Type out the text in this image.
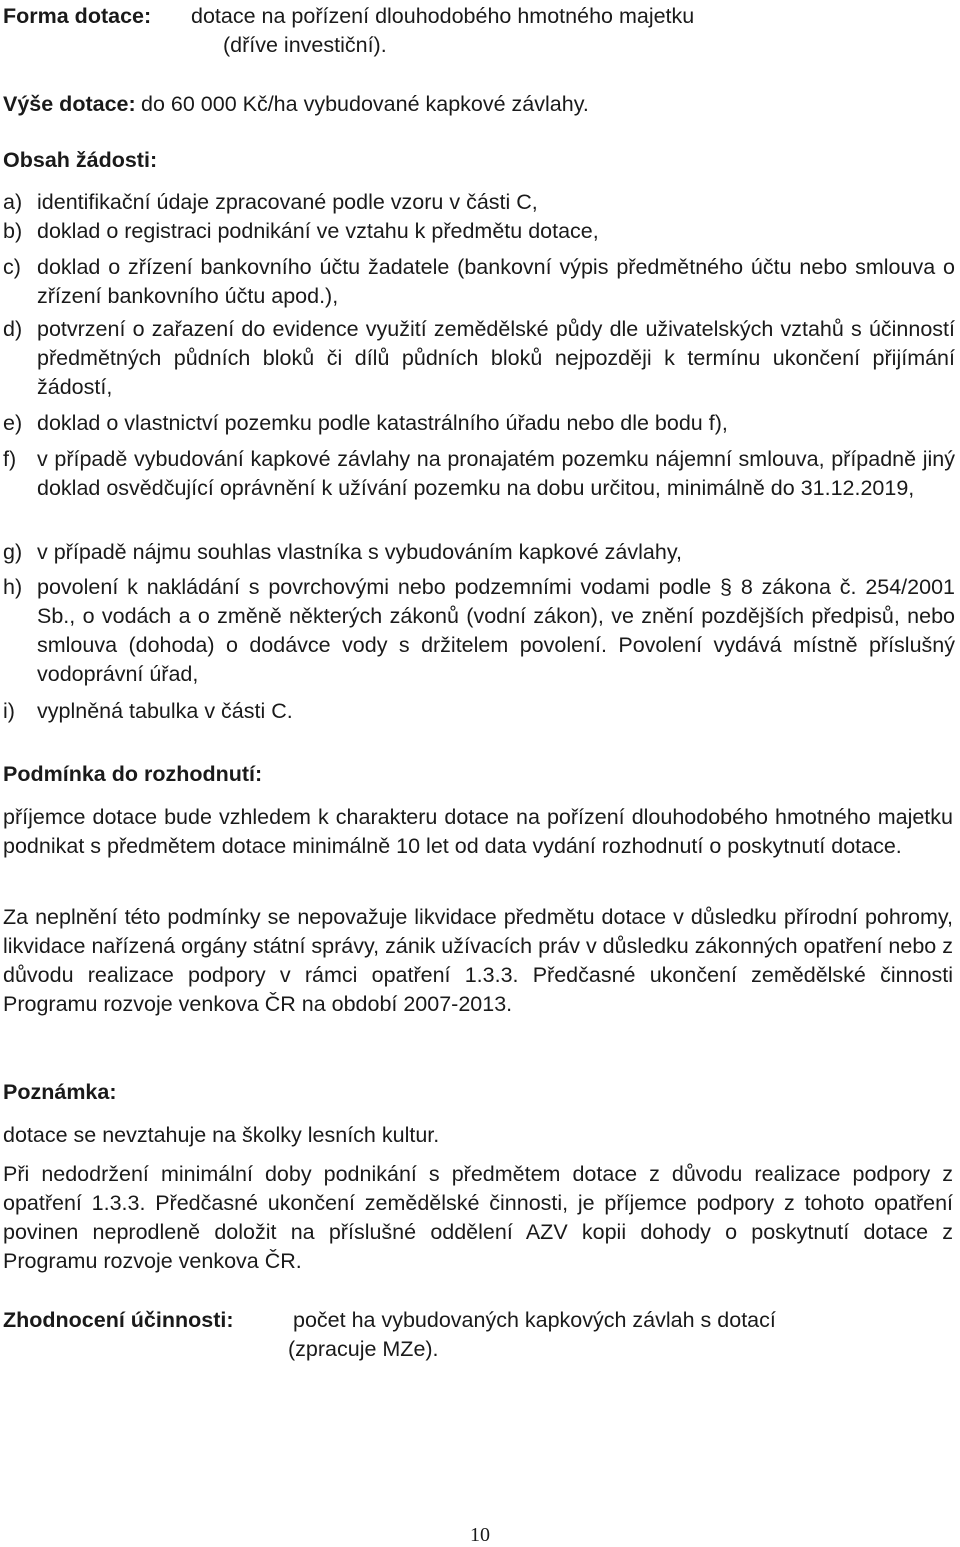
Forma dotace:	dotace na pořízení dlouhodobého hmotného majetku
(dříve investiční).
Výše dotace: do 60 000 Kč/ha vybudované kapkové závlahy.
Obsah žádosti:
a) identifikační údaje zpracované podle vzoru v části C,
b) doklad o registraci podnikání ve vztahu k předmětu dotace,
c) doklad o zřízení bankovního účtu žadatele (bankovní výpis předmětného účtu nebo smlouva o zřízení bankovního účtu apod.),
d) potvrzení o zařazení do evidence využití zemědělské půdy dle uživatelských vztahů s účinností předmětných půdních bloků či dílů půdních bloků nejpozději k termínu ukončení přijímání žádostí,
e) doklad o vlastnictví pozemku podle katastrálního úřadu nebo dle bodu f),
f) v případě vybudování kapkové závlahy na pronajatém pozemku nájemní smlouva, případně jiný doklad osvědčující oprávnění k užívání pozemku na dobu určitou, minimálně do 31.12.2019,
g) v případě nájmu souhlas vlastníka s vybudováním kapkové závlahy,
h) povolení k nakládání s povrchovými nebo podzemními vodami podle § 8 zákona č. 254/2001 Sb., o vodách a o změně některých zákonů (vodní zákon), ve znění pozdějších předpisů, nebo smlouva (dohoda) o dodávce vody s držitelem povolení. Povolení vydává místně příslušný vodoprávní úřad,
i)	vyplněná tabulka v části C.
Podmínka do rozhodnutí:
příjemce dotace bude vzhledem k charakteru dotace na pořízení dlouhodobého hmotného majetku podnikat s předmětem dotace minimálně 10 let od data vydání rozhodnutí o poskytnutí dotace.
Za neplnění této podmínky se nepovažuje likvidace předmětu dotace v důsledku přírodní pohromy, likvidace nařízená orgány státní správy, zánik užívacích práv v důsledku zákonných opatření nebo z důvodu realizace podpory v rámci opatření 1.3.3. Předčasné ukončení zemědělské činnosti Programu rozvoje venkova ČR na období 2007-2013.
Poznámka:
dotace se nevztahuje na školky lesních kultur.
Při nedodržení minimální doby podnikání s předmětem dotace z důvodu realizace podpory z opatření 1.3.3. Předčasné ukončení zemědělské činnosti, je příjemce podpory z tohoto opatření povinen neprodleně doložit na příslušné oddělení AZV kopii dohody o poskytnutí dotace z Programu rozvoje venkova ČR.
Zhodnocení účinnosti:	počet ha vybudovaných kapkových závlah s dotací
(zpracuje MZe).
10
